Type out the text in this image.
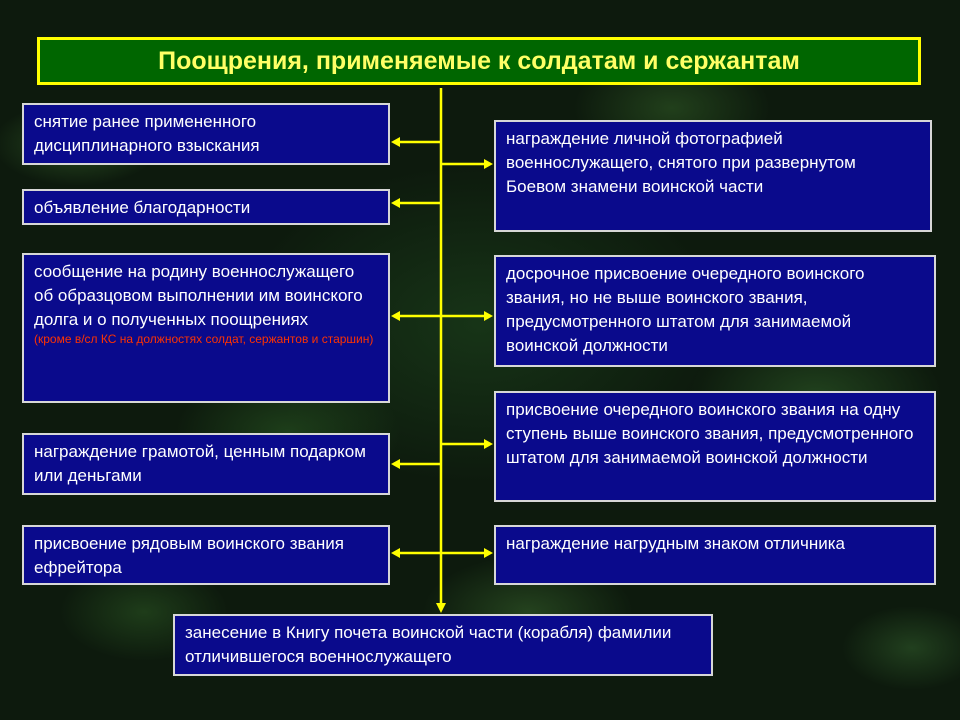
Поощрения, применяемые к солдатам и сержантам
снятие ранее примененного дисциплинарного взыскания
объявление благодарности
сообщение на родину военнослужащего об образцовом выполнении им воинского долга и о полученных поощрениях
(кроме в/сл КС на должностях солдат, сержантов и старшин)
награждение грамотой, ценным подарком или деньгами
присвоение рядовым воинского звания ефрейтора
награждение личной фотографией военнослужащего, снятого при развернутом Боевом знамени воинской части
досрочное присвоение очередного воинского звания, но не выше воинского звания, предусмотренного штатом для занимаемой воинской должности
присвоение очередного воинского звания на одну ступень выше воинского звания, предусмотренного штатом для занимаемой воинской должности
награждение нагрудным знаком отличника
занесение в Книгу почета воинской части (корабля) фамилии отличившегося военнослужащего
